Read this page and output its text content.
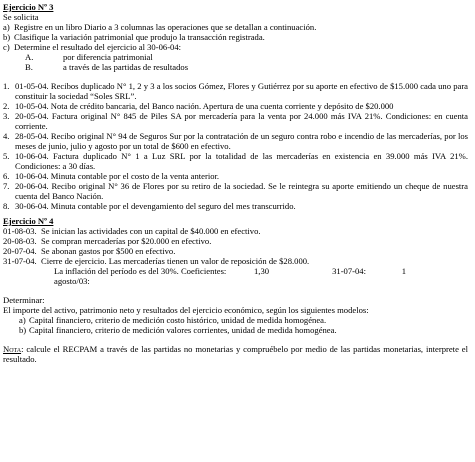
Ejercicio Nº 3

Se solicita

a) Registre en un libro Diario a 3 columnas las operaciones que se detallan a continuación.
b) Clasifique la variación patrimonial que produjo la transacción registrada.
c) Determine el resultado del ejercicio al 30-06-04:
A.	por diferencia patrimonial
B.	a través de las partidas de resultados
1. 01-05-04. Recibos duplicado N° 1, 2 y 3 a los socios Gómez, Flores y Gutiérrez por su aporte en efectivo de $15.000 cada uno para constituir la sociedad “Soles SRL”.
2. 10-05-04. Nota de crédito bancaria, del Banco nación. Apertura de una cuenta corriente y depósito de $20.000
3. 20-05-04. Factura original N° 845 de Piles SA por mercadería para la venta por 24.000 más IVA 21%. Condiciones: en cuenta corriente.
4. 28-05-04. Recibo original N° 94 de Seguros Sur por la contratación de un seguro contra robo e incendio de las mercaderías, por los meses de junio, julio y agosto por un total de $600 en efectivo.
5. 10-06-04. Factura duplicado N° 1 a Luz SRL por la totalidad de las mercaderías en existencia en 39.000 más IVA 21%. Condiciones: a 30 días.
6. 10-06-04. Minuta contable por el costo de la venta anterior.
7. 20-06-04. Recibo original N° 36 de Flores por su retiro de la sociedad. Se le reintegra su aporte emitiendo un cheque de nuestra cuenta del Banco Nación.
8. 30-06-04. Minuta contable por el devengamiento del seguro del mes transcurrido.

Ejercicio Nº 4

01-08-03. Se inician las actividades con un capital de $40.000 en efectivo.
20-08-03. Se compran mercaderías por $20.000 en efectivo.
20-07-04. Se abonan gastos por $500 en efectivo.
31-07-04. Cierre de ejercicio. Las mercaderías tienen un valor de reposición de $28.000.
La inflación del período es del 30%. Coeficientes: agosto/03:
1,30	31-07-04:	1

Determinar:

El importe del activo, patrimonio neto y resultados del ejercicio económico, según los siguientes modelos:

a) Capital financiero, criterio de medición costo histórico, unidad de medida homogénea.
b) Capital financiero, criterio de medición valores corrientes, unidad de medida homogénea.

Nota: calcule el RECPAM a través de las partidas no monetarias y compruébelo por medio de las partidas monetarias, interprete el resultado.
